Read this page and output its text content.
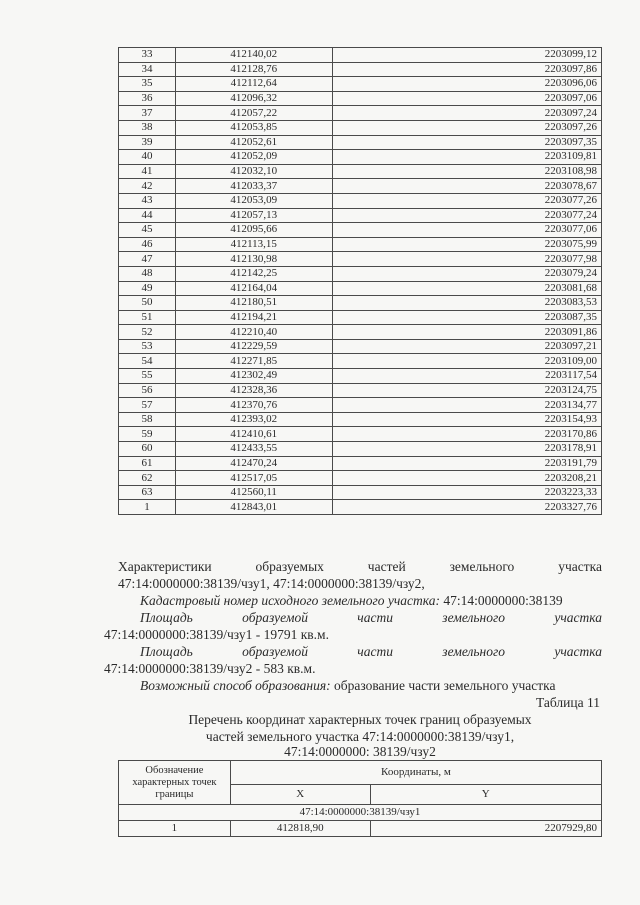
33	412140,02	2203099,12
34	412128,76	2203097,86
35	412112,64	2203096,06
36	412096,32	2203097,06
37	412057,22	2203097,24
38	412053,85	2203097,26
39	412052,61	2203097,35
40	412052,09	2203109,81
41	412032,10	2203108,98
42	412033,37	2203078,67
43	412053,09	2203077,26
44	412057,13	2203077,24
45	412095,66	2203077,06
46	412113,15	2203075,99
47	412130,98	2203077,98
48	412142,25	2203079,24
49	412164,04	2203081,68
50	412180,51	2203083,53
51	412194,21	2203087,35
52	412210,40	2203091,86
53	412229,59	2203097,21
54	412271,85	2203109,00
55	412302,49	2203117,54
56	412328,36	2203124,75
57	412370,76	2203134,77
58	412393,02	2203154,93
59	412410,61	2203170,86
60	412433,55	2203178,91
61	412470,24	2203191,79
62	412517,05	2203208,21
63	412560,11	2203223,33
1	412843,01	2203327,76
Характеристики	образуемых	частей	земельного	участка
47:14:0000000:38139/чзу1, 47:14:0000000:38139/чзу2,
Кадастровый номер исходного земельного участка: 47:14:0000000:38139
Площадь	образуемой	части	земельного	участка
47:14:0000000:38139/чзу1 - 19791 кв.м.
Площадь	образуемой	части	земельного	участка
47:14:0000000:38139/чзу2 - 583 кв.м.
Возможный способ образования: образование части земельного участка
Таблица 11
Перечень координат характерных точек границ образуемых
частей земельного участка 47:14:0000000:38139/чзу1,
47:14:0000000: 38139/чзу2
Обозначение характерных точек границы	Координаты, м	
	X	Y
47:14:0000000:38139/чзу1		
1	412818,90	2207929,80
